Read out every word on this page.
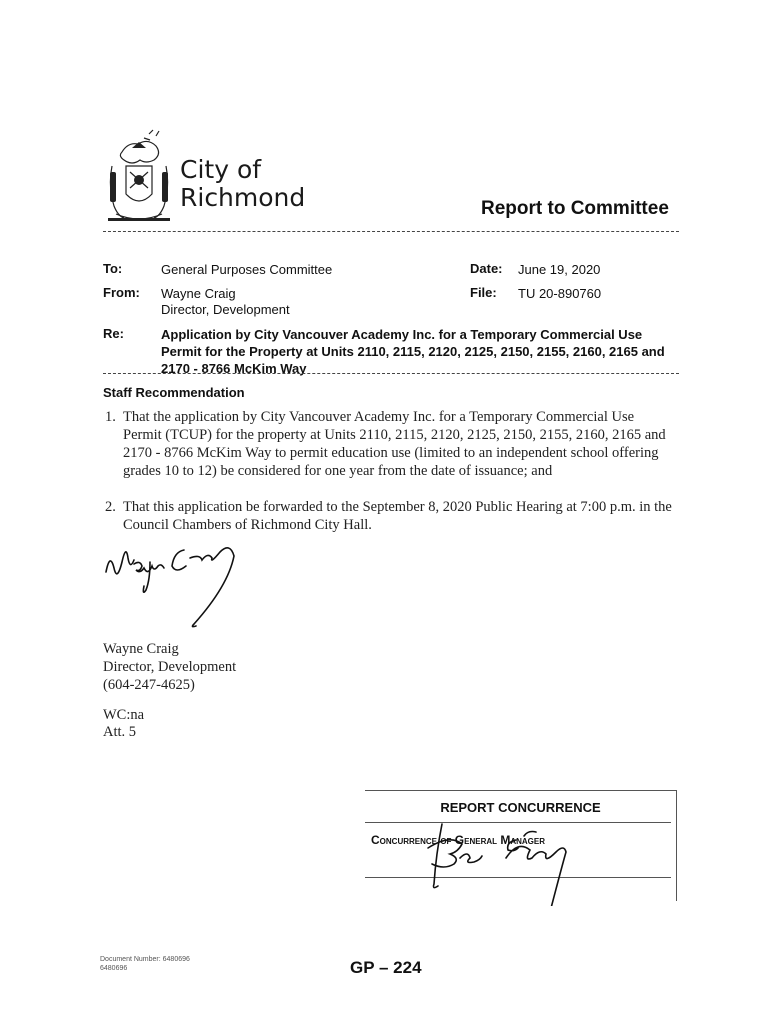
City of
Richmond	Report to Committee
To:	General Purposes Committee	Date: June 19, 2020
From: Wayne Craig
Director, Development
File: TU 20-890760
Re:	Application by City Vancouver Academy Inc. for a Temporary Commercial Use Permit for the Property at Units 2110, 2115, 2120, 2125, 2150, 2155, 2160, 2165 and 2170 - 8766 McKim Way
Staff Recommendation
1. That the application by City Vancouver Academy Inc. for a Temporary Commercial Use Permit (TCUP) for the property at Units 2110, 2115, 2120, 2125, 2150, 2155, 2160, 2165 and 2170 - 8766 McKim Way to permit education use (limited to an independent school offering grades 10 to 12) be considered for one year from the date of issuance; and
2. That this application be forwarded to the September 8, 2020 Public Hearing at 7:00 p.m. in the Council Chambers of Richmond City Hall.
Wayne Craig
Director, Development
(604-247-4625)
WC:na
Att. 5
REPORT CONCURRENCE
Concurrence of General Manager
Document Number: 6480696
6480696	GP – 224
